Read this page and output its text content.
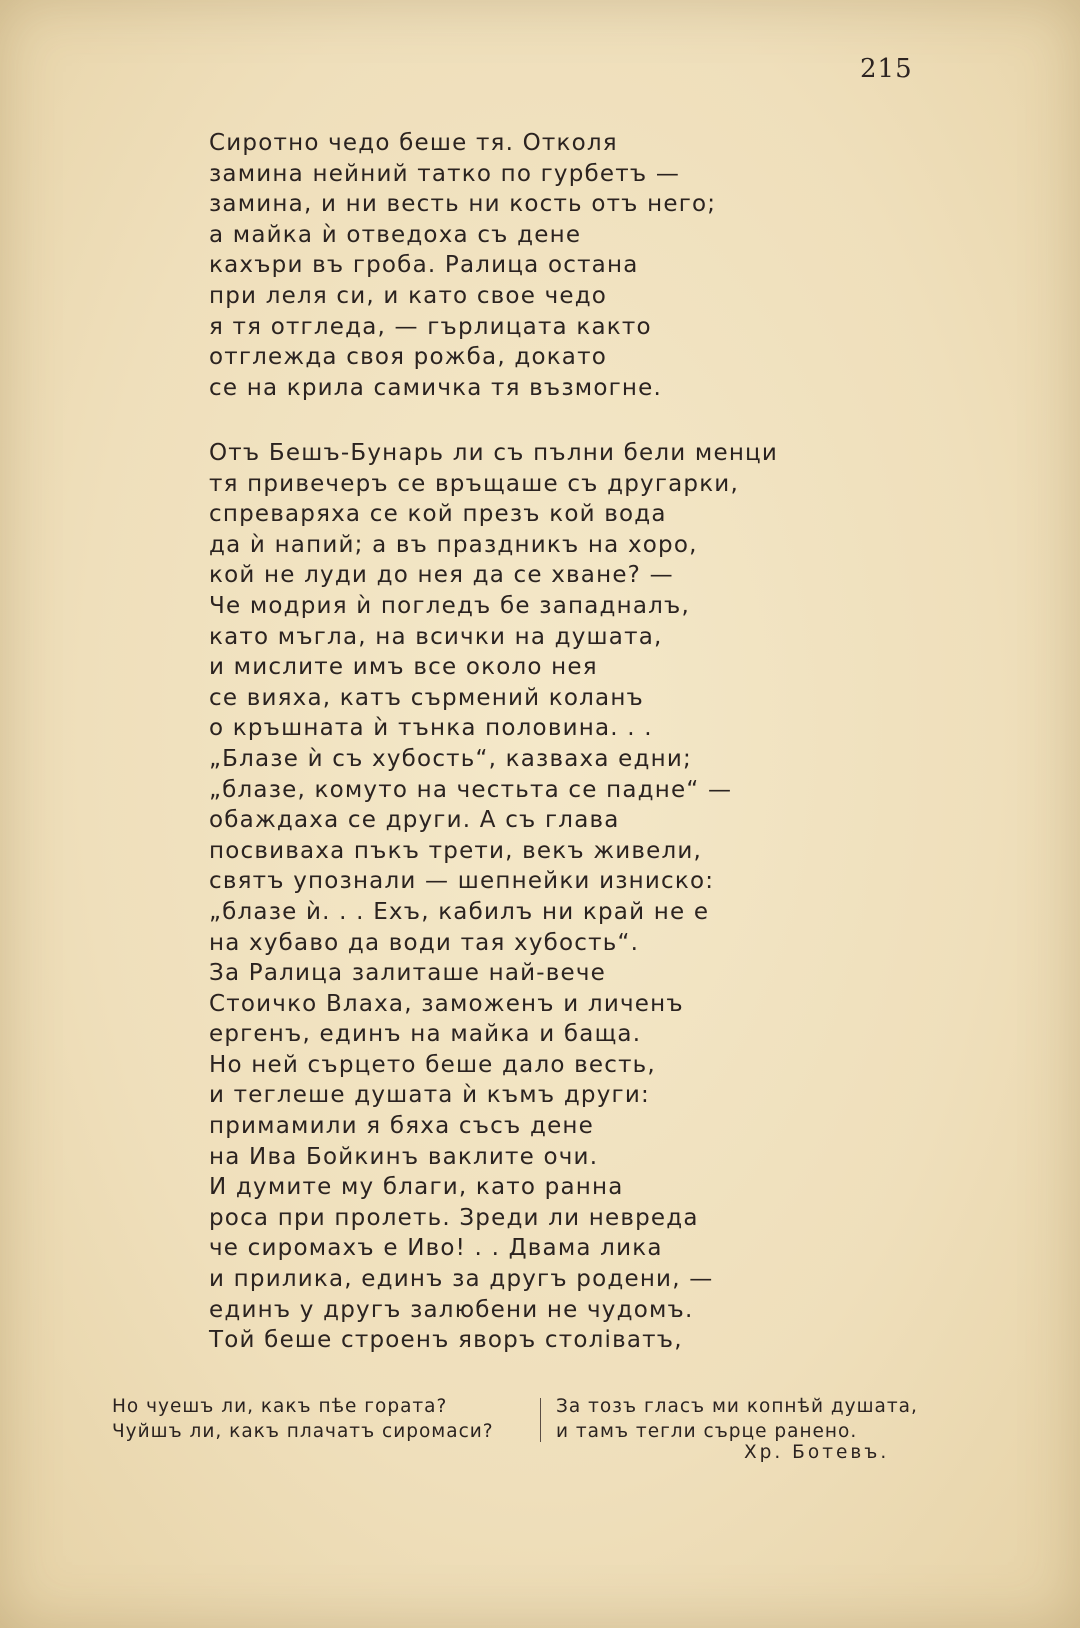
215
Сиротно чедо беше тя. Отколя
замина нейний татко по гурбетъ —
замина, и ни весть ни кость отъ него;
а майка ѝ отведоха съ дене
кахъри въ гроба. Ралица остана
при леля си, и като свое чедо
я тя отгледа, — гърлицата както
отглежда своя рожба, докато
се на крила самичка тя възмогне.
Отъ Бешъ-Бунарь ли съ пълни бели менци
тя привечеръ се връщаше съ другарки,
спреваряха се кой презъ кой вода
да ѝ напий; а въ праздникъ на хоро,
кой не луди до нея да се хване? —
Че модрия ѝ погледъ бе западналъ,
като мъгла, на всички на душата,
и мислите имъ все около нея
се вияха, катъ сърмений коланъ
о кръшната ѝ тънка половина. . .
„Блазе ѝ съ хубость“, казваха едни;
„блазе, комуто на честьта се падне“ —
обаждаха се други. А съ глава
посвиваха пъкъ трети, векъ живели,
святъ упознали — шепнейки изниско:
„блазе ѝ. . . Ехъ, кабилъ ни край не е
на хубаво да води тая хубость“.
За Ралица залиташе най-вече
Стоичко Влаха, заможенъ и личенъ
ергенъ, единъ на майка и баща.
Но ней сърцето беше дало весть,
и теглеше душата ѝ къмъ други:
примамили я бяха съсъ дене
на Ива Бойкинъ ваклите очи.
И думите му благи, като ранна
роса при пролеть. Зреди ли невреда
че сиромахъ е Иво! . . Двама лика
и прилика, единъ за другъ родени, —
единъ у другъ залюбени не чудомъ.
Той беше строенъ яворъ століватъ,
Но чуешъ ли, какъ пѣе гората?
Чуйшъ ли, какъ плачатъ сиромаси?
За тозъ гласъ ми копнѣй душата,
и тамъ тегли сърце ранено.
Хр. Ботевъ.
